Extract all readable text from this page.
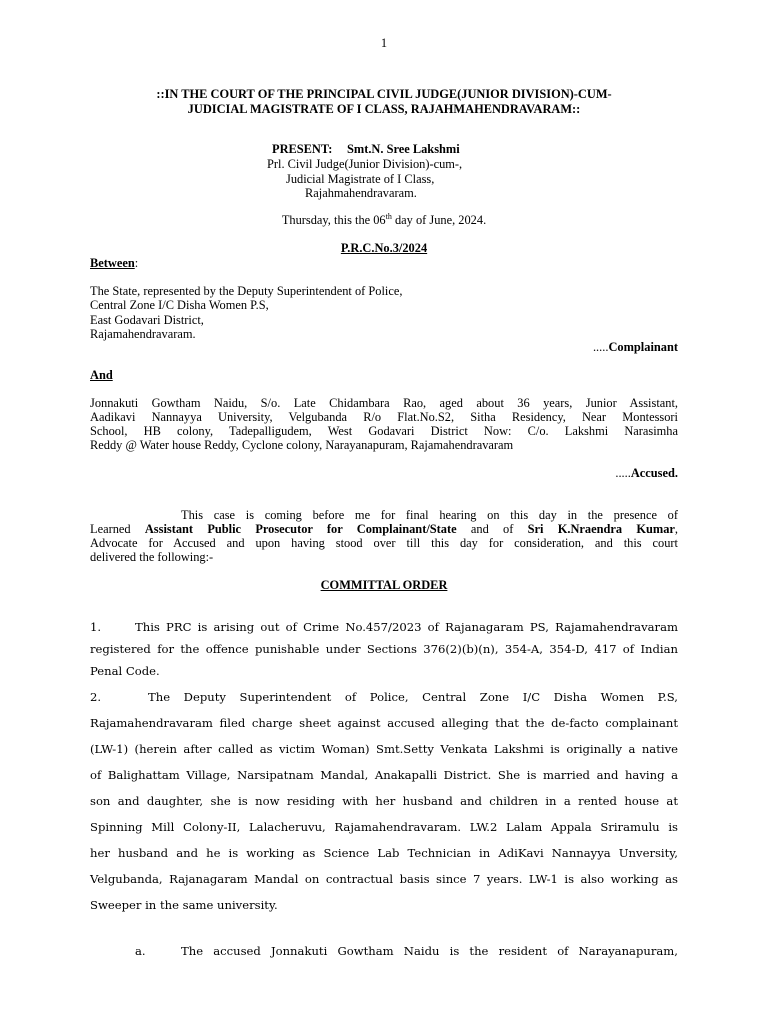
1
::IN THE COURT OF THE PRINCIPAL CIVIL JUDGE(JUNIOR DIVISION)-CUM-
JUDICIAL MAGISTRATE OF I CLASS, RAJAHMAHENDRAVARAM::
PRESENT: Smt.N. Sree Lakshmi
Prl. Civil Judge(Junior Division)-cum-,
Judicial Magistrate of I Class,
Rajahmahendravaram.
Thursday, this the 06th day of June, 2024.
P.R.C.No.3/2024
Between:
The State, represented by the Deputy Superintendent of Police,
Central Zone I/C Disha Women P.S,
East Godavari District,
Rajamahendravaram.
.....Complainant
And
Jonnakuti Gowtham Naidu, S/o. Late Chidambara Rao, aged about 36 years, Junior Assistant,
Aadikavi Nannayya University, Velgubanda R/o Flat.No.S2, Sitha Residency, Near Montessori
School, HB colony, Tadepalligudem, West Godavari District Now: C/o. Lakshmi Narasimha
Reddy @ Water house Reddy, Cyclone colony, Narayanapuram, Rajamahendravaram
.....Accused.
This case is coming before me for final hearing on this day in the presence of
Learned Assistant Public Prosecutor for Complainant/State and of Sri K.Nraendra Kumar,
Advocate for Accused and upon having stood over till this day for consideration, and this court
delivered the following:-
COMMITTAL ORDER
1.	This PRC is arising out of Crime No.457/2023 of Rajanagaram PS, Rajamahendravaram
registered for the offence punishable under Sections 376(2)(b)(n), 354-A, 354-D, 417 of Indian
Penal Code.
2.	The Deputy Superintendent of Police, Central Zone I/C Disha Women P.S,
Rajamahendravaram filed charge sheet against accused alleging that the de-facto complainant
(LW-1) (herein after called as victim Woman) Smt.Setty Venkata Lakshmi is originally a native
of Balighattam Village, Narsipatnam Mandal, Anakapalli District. She is married and having a
son and daughter, she is now residing with her husband and children in a rented house at
Spinning Mill Colony-II, Lalacheruvu, Rajamahendravaram. LW.2 Lalam Appala Sriramulu is
her husband and he is working as Science Lab Technician in AdiKavi Nannayya Unversity,
Velgubanda, Rajanagaram Mandal on contractual basis since 7 years. LW-1 is also working as
Sweeper in the same university.
a.	The accused Jonnakuti Gowtham Naidu is the resident of Narayanapuram,
